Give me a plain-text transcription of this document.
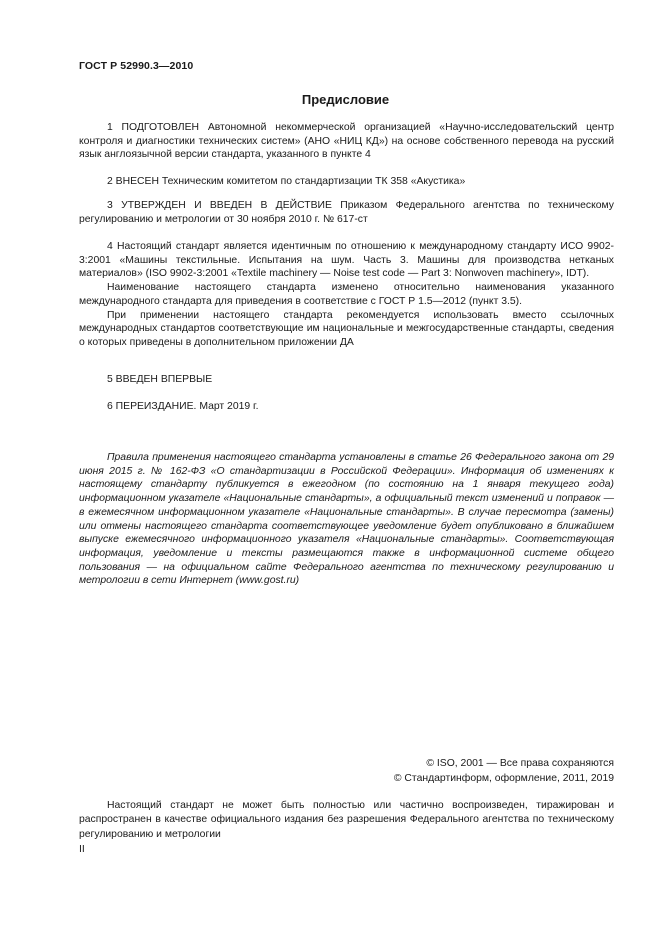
ГОСТ Р 52990.3—2010
Предисловие

1 ПОДГОТОВЛЕН Автономной некоммерческой организацией «Научно-исследовательский центр контроля и диагностики технических систем» (АНО «НИЦ КД») на основе собственного перевода на русский язык англоязычной версии стандарта, указанного в пункте 4

2 ВНЕСЕН Техническим комитетом по стандартизации ТК 358 «Акустика»

3 УТВЕРЖДЕН И ВВЕДЕН В ДЕЙСТВИЕ Приказом Федерального агентства по техническому регулированию и метрологии от 30 ноября 2010 г. № 617-ст

4 Настоящий стандарт является идентичным по отношению к международному стандарту ИСО 9902-3:2001 «Машины текстильные. Испытания на шум. Часть 3. Машины для производства нетканых материалов» (ISO 9902-3:2001 «Textile machinery — Noise test code — Part 3: Nonwoven machinery», IDT).

Наименование настоящего стандарта изменено относительно наименования указанного международного стандарта для приведения в соответствие с ГОСТ Р 1.5—2012 (пункт 3.5).

При применении настоящего стандарта рекомендуется использовать вместо ссылочных международных стандартов соответствующие им национальные и межгосударственные стандарты, сведения о которых приведены в дополнительном приложении ДА

5 ВВЕДЕН ВПЕРВЫЕ

6 ПЕРЕИЗДАНИЕ. Март 2019 г.

Правила применения настоящего стандарта установлены в статье 26 Федерального закона от 29 июня 2015 г. № 162-ФЗ «О стандартизации в Российской Федерации». Информация об изменениях к настоящему стандарту публикуется в ежегодном (по состоянию на 1 января текущего года) информационном указателе «Национальные стандарты», а официальный текст изменений и поправок — в ежемесячном информационном указателе «Национальные стандарты». В случае пересмотра (замены) или отмены настоящего стандарта соответствующее уведомление будет опубликовано в ближайшем выпуске ежемесячного информационного указателя «Национальные стандарты». Соответствующая информация, уведомление и тексты размещаются также в информационной системе общего пользования — на официальном сайте Федерального агентства по техническому регулированию и метрологии в сети Интернет (www.gost.ru)

© ISO, 2001 — Все права сохраняются
© Стандартинформ, оформление, 2011, 2019

Настоящий стандарт не может быть полностью или частично воспроизведен, тиражирован и распространен в качестве официального издания без разрешения Федерального агентства по техническому регулированию и метрологии

II
